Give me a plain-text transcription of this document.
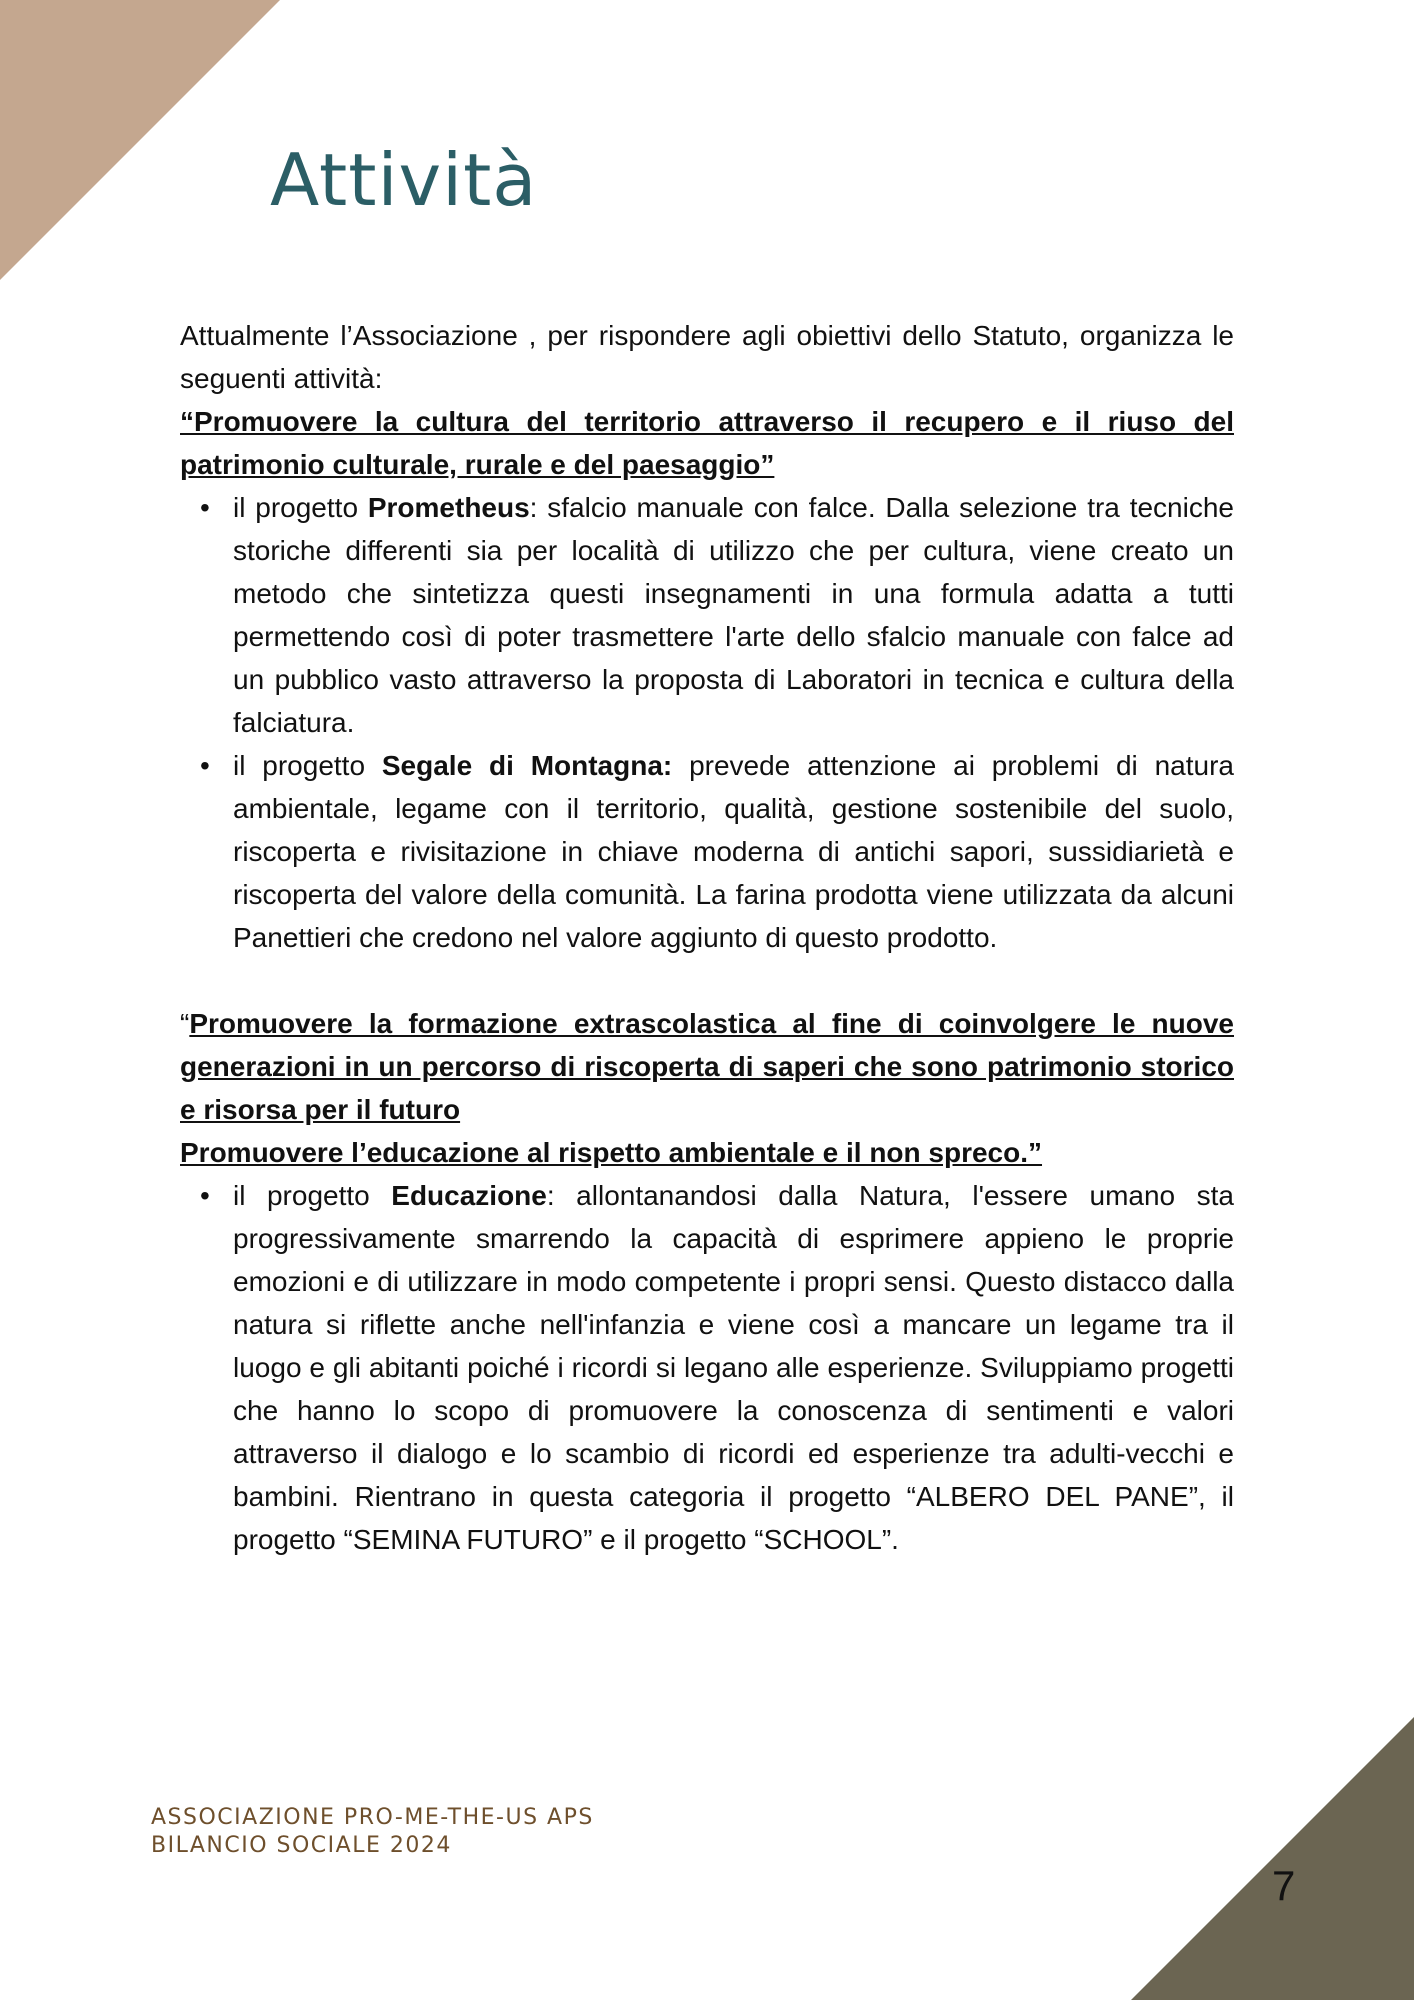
Attività

Attualmente l’Associazione , per rispondere agli obiettivi dello Statuto, organizza le seguenti attività:

“Promuovere la cultura del territorio attraverso il recupero e il riuso del patrimonio culturale, rurale e del paesaggio”

• il progetto Prometheus: sfalcio manuale con falce. Dalla selezione tra tecniche storiche differenti sia per località di utilizzo che per cultura, viene creato un metodo che sintetizza questi insegnamenti in una formula adatta a tutti permettendo così di poter trasmettere l'arte dello sfalcio manuale con falce ad un pubblico vasto attraverso la proposta di Laboratori in tecnica e cultura della falciatura.
• il progetto Segale di Montagna: prevede attenzione ai problemi di natura ambientale, legame con il territorio, qualità, gestione sostenibile del suolo, riscoperta e rivisitazione in chiave moderna di antichi sapori, sussidiarietà e riscoperta del valore della comunità. La farina prodotta viene utilizzata da alcuni Panettieri che credono nel valore aggiunto di questo prodotto.

“Promuovere la formazione extrascolastica al fine di coinvolgere le nuove generazioni in un percorso di riscoperta di saperi che sono patrimonio storico e risorsa per il futuro

Promuovere l’educazione al rispetto ambientale e il non spreco.”

• il progetto Educazione: allontanandosi dalla Natura, l'essere umano sta progressivamente smarrendo la capacità di esprimere appieno le proprie emozioni e di utilizzare in modo competente i propri sensi. Questo distacco dalla natura si riflette anche nell'infanzia e viene così a mancare un legame tra il luogo e gli abitanti poiché i ricordi si legano alle esperienze. Sviluppiamo progetti che hanno lo scopo di promuovere la conoscenza di sentimenti e valori attraverso il dialogo e lo scambio di ricordi ed esperienze tra adulti-vecchi e bambini. Rientrano in questa categoria il progetto “ALBERO DEL PANE”, il progetto “SEMINA FUTURO” e il progetto “SCHOOL”.
ASSOCIAZIONE PRO-ME-THE-US APS
BILANCIO SOCIALE 2024
7
